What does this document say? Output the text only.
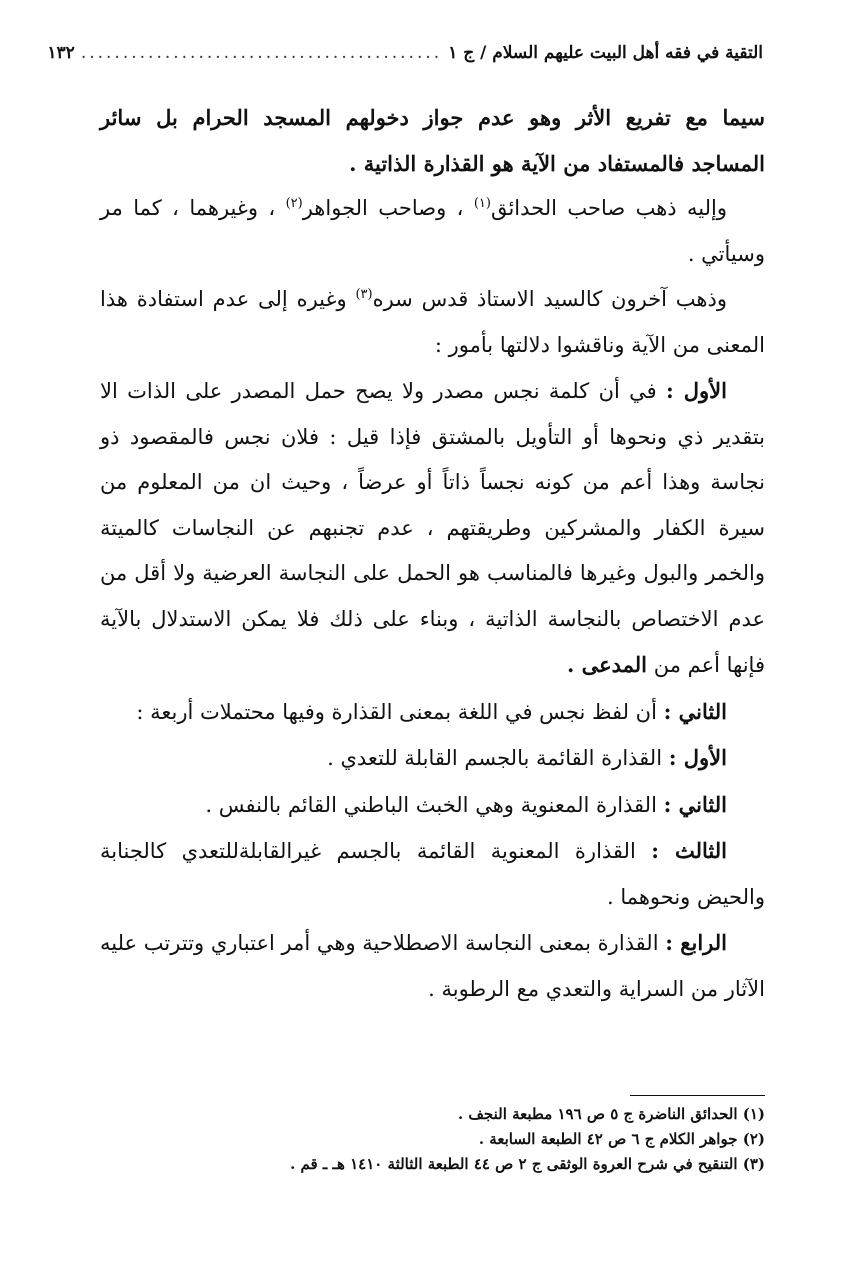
التقية في فقه أهل البيت عليهم السلام / ج ١
...........................................
١٣٢

سيما مع تفريع الأثر وهو عدم جواز دخولهم المسجد الحرام بل سائر المساجد فالمستفاد من الآية هو القذارة الذاتية .

وإليه ذهب صاحب الحدائق$^{(١)}$ ، وصاحب الجواهر$^{(٢)}$ ، وغيرهما ، كما مر وسيأتي .

وذهب آخرون كالسيد الاستاذ قدس سره$^{(٣)}$ وغيره إلى عدم استفادة هذا المعنى من الآية وناقشوا دلالتها بأمور :

الأول : في أن كلمة نجس مصدر ولا يصح حمل المصدر على الذات الا بتقدير ذي ونحوها أو التأويل بالمشتق فإذا قيل : فلان نجس فالمقصود ذو نجاسة وهذا أعم من كونه نجساً ذاتاً أو عرضاً ، وحيث ان من المعلوم من سيرة الكفار والمشركين وطريقتهم ، عدم تجنبهم عن النجاسات كالميتة والخمر والبول وغيرها فالمناسب هو الحمل على النجاسة العرضية ولا أقل من عدم الاختصاص بالنجاسة الذاتية ، وبناء على ذلك فلا يمكن الاستدلال بالآية فإنها أعم من المدعى .

الثاني : أن لفظ نجس في اللغة بمعنى القذارة وفيها محتملات أربعة :

الأول : القذارة القائمة بالجسم القابلة للتعدي .

الثاني : القذارة المعنوية وهي الخبث الباطني القائم بالنفس .

الثالث : القذارة المعنوية القائمة بالجسم غيرالقابلةللتعدي كالجنابة والحيض ونحوهما .

الرابع : القذارة بمعنى النجاسة الاصطلاحية وهي أمر اعتباري وتترتب عليه الآثار من السراية والتعدي مع الرطوبة .

(١) الحدائق الناضرة ج ٥ ص ١٩٦ مطبعة النجف .

(٢) جواهر الكلام ج ٦ ص ٤٢ الطبعة السابعة .

(٣) التنقيح في شرح العروة الوثقى ج ٢ ص ٤٤ الطبعة الثالثة ١٤١٠ هـ ـ قم .
